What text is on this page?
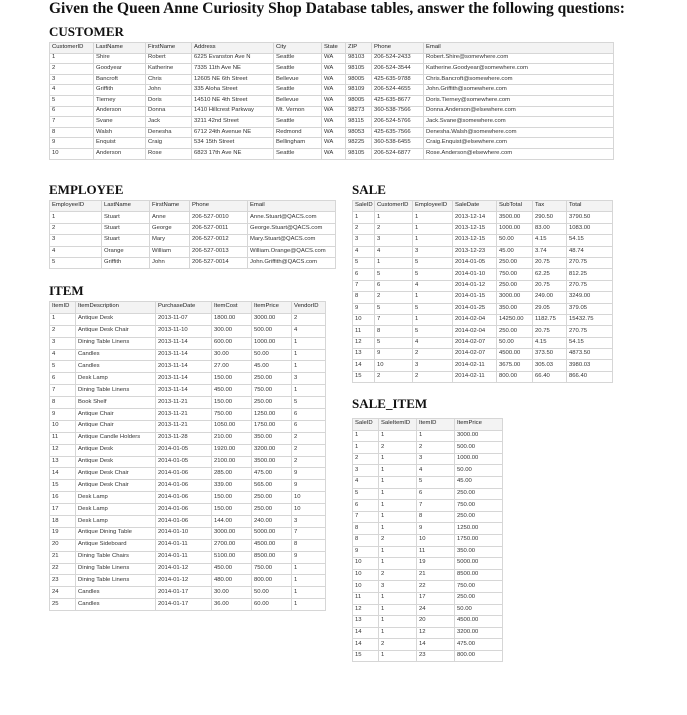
Given the Queen Anne Curiosity Shop Database tables, answer the following questions:
CUSTOMER
CustomerID	LastName	FirstName	Address	City	State	ZIP	Phone	Email
1	Shire	Robert	6225 Evanston Ave N	Seattle	WA	98103	206-524-2433	Robert.Shire@somewhere.com
2	Goodyear	Katherine	7335 11th Ave NE	Seattle	WA	98105	206-524-3544	Katherine.Goodyear@somewhere.com
3	Bancroft	Chris	12605 NE 6th Street	Bellevue	WA	98005	425-635-9788	Chris.Bancroft@somewhere.com
4	Griffith	John	335 Aloha Street	Seattle	WA	98109	206-524-4655	John.Griffith@somewhere.com
5	Tierney	Doris	14510 NE 4th Street	Bellevue	WA	98005	425-635-8677	Doris.Tierney@somewhere.com
6	Anderson	Donna	1410 Hillcrest Parkway	Mt. Vernon	WA	98273	360-538-7566	Donna.Anderson@elsewhere.com
7	Svane	Jack	3211 42nd Street	Seattle	WA	98115	206-524-5766	Jack.Svane@somewhere.com
8	Walsh	Denesha	6712 24th Avenue NE	Redmond	WA	98053	425-635-7566	Denesha.Walsh@somewhere.com
9	Enquist	Craig	534 15th Street	Bellingham	WA	98225	360-538-6455	Craig.Enquist@elsewhere.com
10	Anderson	Rose	6823 17th Ave NE	Seattle	WA	98105	206-524-6877	Rose.Anderson@elsewhere.com
EMPLOYEE
EmployeeID	LastName	FirstName	Phone	Email
1	Stuart	Anne	206-527-0010	Anne.Stuart@QACS.com
2	Stuart	George	206-527-0011	George.Stuart@QACS.com
3	Stuart	Mary	206-527-0012	Mary.Stuart@QACS.com
4	Orange	William	206-527-0013	William.Orange@QACS.com
5	Griffith	John	206-527-0014	John.Griffith@QACS.com
ITEM
ItemID	ItemDescription	PurchaseDate	ItemCost	ItemPrice	VendorID
1	Antique Desk	2013-11-07	1800.00	3000.00	2
2	Antique Desk Chair	2013-11-10	300.00	500.00	4
3	Dining Table Linens	2013-11-14	600.00	1000.00	1
4	Candles	2013-11-14	30.00	50.00	1
5	Candles	2013-11-14	27.00	45.00	1
6	Desk Lamp	2013-11-14	150.00	250.00	3
7	Dining Table Linens	2013-11-14	450.00	750.00	1
8	Book Shelf	2013-11-21	150.00	250.00	5
9	Antique Chair	2013-11-21	750.00	1250.00	6
10	Antique Chair	2013-11-21	1050.00	1750.00	6
11	Antique Candle Holders	2013-11-28	210.00	350.00	2
12	Antique Desk	2014-01-05	1920.00	3200.00	2
13	Antique Desk	2014-01-05	2100.00	3500.00	2
14	Antique Desk Chair	2014-01-06	285.00	475.00	9
15	Antique Desk Chair	2014-01-06	339.00	565.00	9
16	Desk Lamp	2014-01-06	150.00	250.00	10
17	Desk Lamp	2014-01-06	150.00	250.00	10
18	Desk Lamp	2014-01-06	144.00	240.00	3
19	Antique Dining Table	2014-01-10	3000.00	5000.00	7
20	Antique Sideboard	2014-01-11	2700.00	4500.00	8
21	Dining Table Chairs	2014-01-11	5100.00	8500.00	9
22	Dining Table Linens	2014-01-12	450.00	750.00	1
23	Dining Table Linens	2014-01-12	480.00	800.00	1
24	Candles	2014-01-17	30.00	50.00	1
25	Candles	2014-01-17	36.00	60.00	1
SALE
SaleID	CustomerID	EmployeeID	SaleDate	SubTotal	Tax	Total
1	1	1	2013-12-14	3500.00	290.50	3790.50
2	2	1	2013-12-15	1000.00	83.00	1083.00
3	3	1	2013-12-15	50.00	4.15	54.15
4	4	3	2013-12-23	45.00	3.74	48.74
5	1	5	2014-01-05	250.00	20.75	270.75
6	5	5	2014-01-10	750.00	62.25	812.25
7	6	4	2014-01-12	250.00	20.75	270.75
8	2	1	2014-01-15	3000.00	249.00	3249.00
9	5	5	2014-01-25	350.00	29.05	379.05
10	7	1	2014-02-04	14250.00	1182.75	15432.75
11	8	5	2014-02-04	250.00	20.75	270.75
12	5	4	2014-02-07	50.00	4.15	54.15
13	9	2	2014-02-07	4500.00	373.50	4873.50
14	10	3	2014-02-11	3675.00	305.03	3980.03
15	2	2	2014-02-11	800.00	66.40	866.40
SALE_ITEM
SaleID	SaleItemID	ItemID	ItemPrice
1	1	1	3000.00
1	2	2	500.00
2	1	3	1000.00
3	1	4	50.00
4	1	5	45.00
5	1	6	250.00
6	1	7	750.00
7	1	8	250.00
8	1	9	1250.00
8	2	10	1750.00
9	1	11	350.00
10	1	19	5000.00
10	2	21	8500.00
10	3	22	750.00
11	1	17	250.00
12	1	24	50.00
13	1	20	4500.00
14	1	12	3200.00
14	2	14	475.00
15	1	23	800.00
